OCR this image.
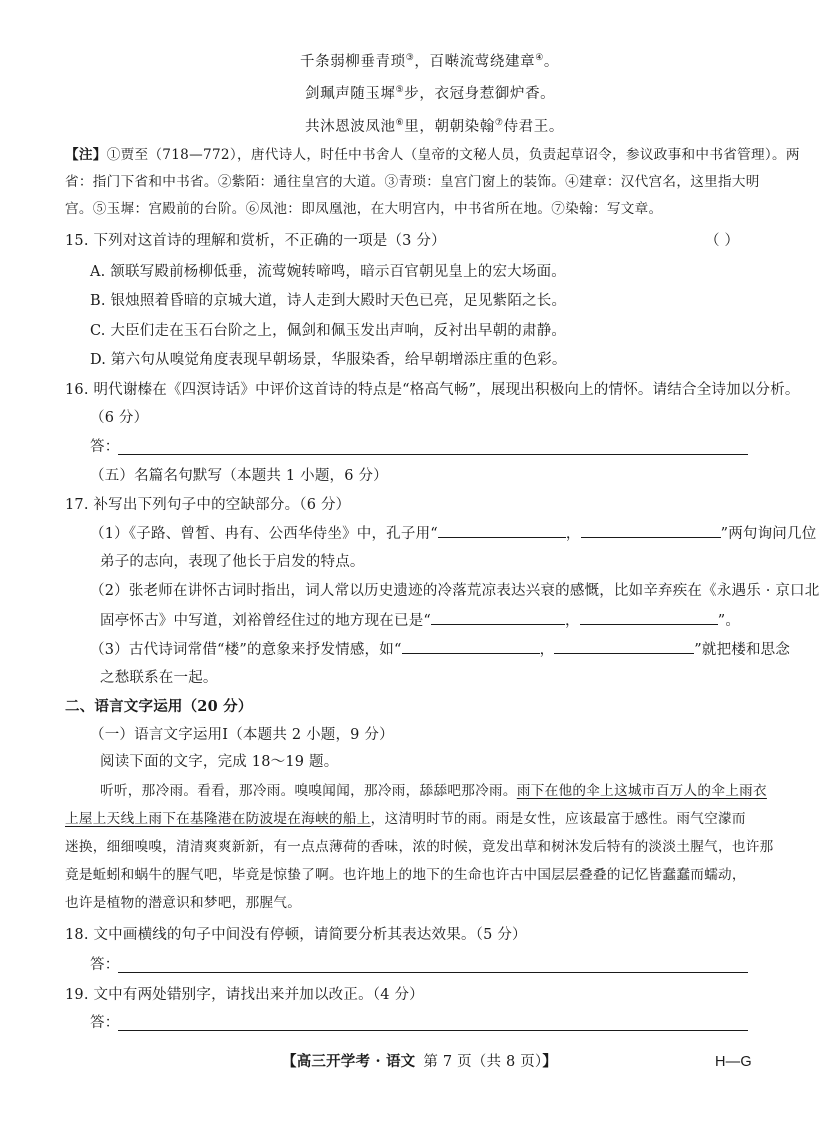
千条弱柳垂青琐③，百啭流莺绕建章④。
剑珮声随玉墀⑤步，衣冠身惹御炉香。
共沐恩波凤池⑥里，朝朝染翰⑦侍君王。
【注】①贾至（718—772），唐代诗人，时任中书舍人（皇帝的文秘人员，负责起草诏令，参议政事和中书省管理）。两
省：指门下省和中书省。②紫陌：通往皇宫的大道。③青琐：皇宫门窗上的装饰。④建章：汉代宫名，这里指大明
宫。⑤玉墀：宫殿前的台阶。⑥凤池：即凤凰池，在大明宫内，中书省所在地。⑦染翰：写文章。
15. 下列对这首诗的理解和赏析，不正确的一项是（3 分）	（ ）
A. 颔联写殿前杨柳低垂，流莺婉转啼鸣，暗示百官朝见皇上的宏大场面。
B. 银烛照着昏暗的京城大道，诗人走到大殿时天色已亮，足见紫陌之长。
C. 大臣们走在玉石台阶之上，佩剑和佩玉发出声响，反衬出早朝的肃静。
D. 第六句从嗅觉角度表现早朝场景，华服染香，给早朝增添庄重的色彩。
16. 明代谢榛在《四溟诗话》中评价这首诗的特点是“格高气畅”，展现出积极向上的情怀。请结合全诗加以分析。
（6 分）
答：
（五）名篇名句默写（本题共 1 小题，6 分）
17. 补写出下列句子中的空缺部分。（6 分）
（1）《子路、曾皙、冉有、公西华侍坐》中，孔子用“	，	”两句询问几位
弟子的志向，表现了他长于启发的特点。
（2）张老师在讲怀古词时指出，词人常以历史遗迹的冷落荒凉表达兴衰的感慨，比如辛弃疾在《永遇乐 · 京口北
固亭怀古》中写道，刘裕曾经住过的地方现在已是“	，	”。
（3）古代诗词常借“楼”的意象来抒发情感，如“	，	”就把楼和思念
之愁联系在一起。
二、语言文字运用（20 分）
（一）语言文字运用Ⅰ（本题共 2 小题，9 分）
阅读下面的文字，完成 18～19 题。
听听，那冷雨。看看，那冷雨。嗅嗅闻闻，那冷雨，舔舔吧那冷雨。雨下在他的伞上这城市百万人的伞上雨衣
上屋上天线上雨下在基隆港在防波堤在海峡的船上，这清明时节的雨。雨是女性，应该最富于感性。雨气空濛而
迷换，细细嗅嗅，清清爽爽新新，有一点点薄荷的香味，浓的时候，竟发出草和树沐发后特有的淡淡土腥气，也许那
竟是蚯蚓和蜗牛的腥气吧，毕竟是惊蛰了啊。也许地上的地下的生命也许古中国层层叠叠的记忆皆蠢蠢而蠕动，
也许是植物的潜意识和梦吧，那腥气。
18. 文中画横线的句子中间没有停顿，请简要分析其表达效果。（5 分）
答：
19. 文中有两处错别字，请找出来并加以改正。（4 分）
答：
【高三开学考 · 语文 第 7 页（共 8 页）】	H—G
